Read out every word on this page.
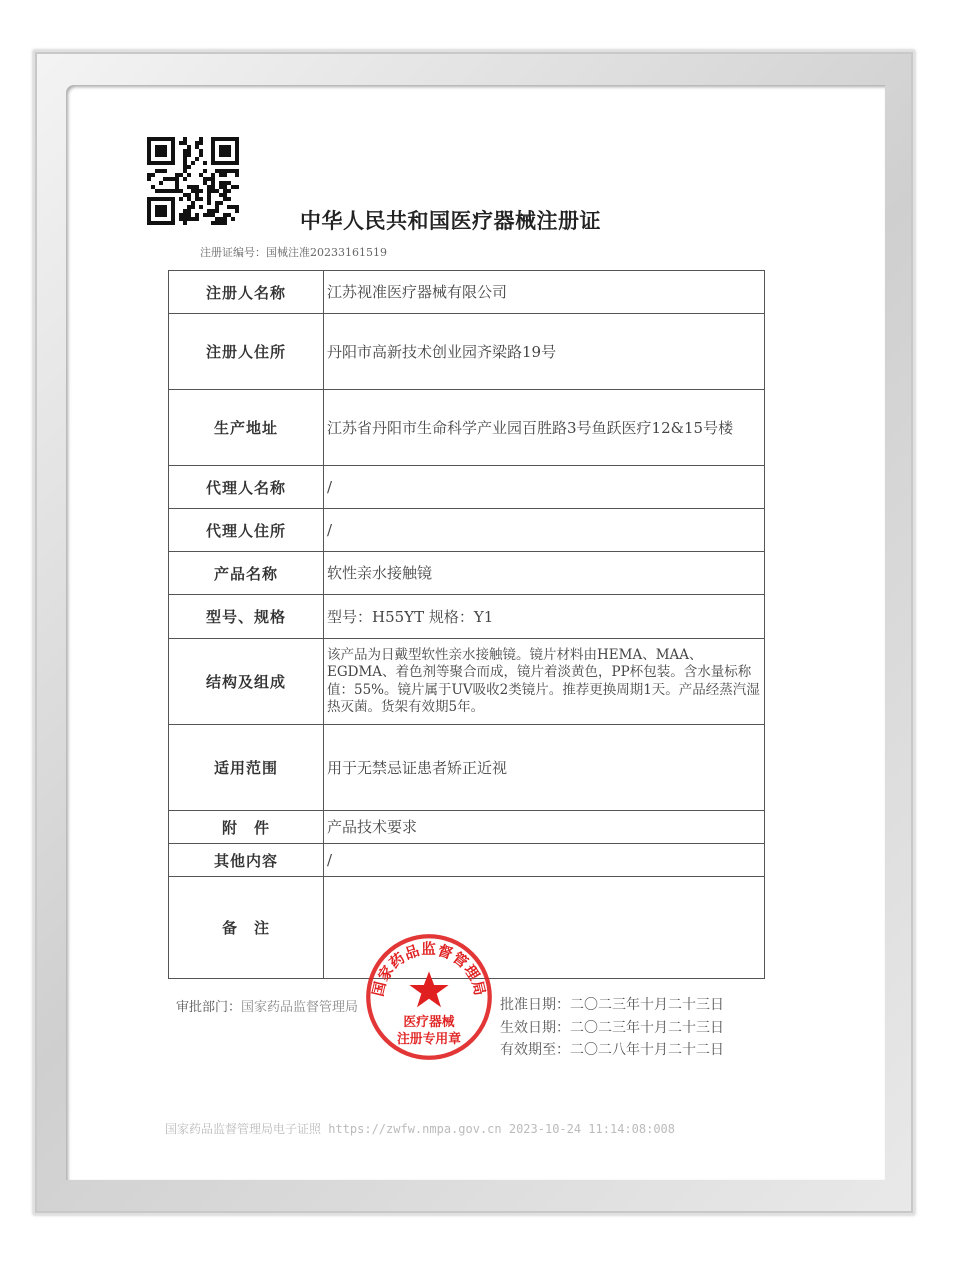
中华人民共和国医疗器械注册证
注册证编号：国械注准20233161519
注册人名称	江苏视准医疗器械有限公司
注册人住所	丹阳市高新技术创业园齐梁路19号
生产地址	江苏省丹阳市生命科学产业园百胜路3号鱼跃医疗12&15号楼
代理人名称	/
代理人住所	/
产品名称	软性亲水接触镜
型号、规格	型号：H55YT 规格：Y1
结构及组成	该产品为日戴型软性亲水接触镜。镜片材料由HEMA、MAA、EGDMA、着色剂等聚合而成，镜片着淡黄色，PP杯包装。含水量标称值：55%。镜片属于UV吸收2类镜片。推荐更换周期1天。产品经蒸汽湿热灭菌。货架有效期5年。
适用范围	用于无禁忌证患者矫正近视
附　件	产品技术要求
其他内容	/
备　注	
审批部门：国家药品监督管理局
国家药品监督管理局
医疗器械
注册专用章
批准日期：二〇二三年十月二十三日
生效日期：二〇二三年十月二十三日
有效期至：二〇二八年十月二十二日
国家药品监督管理局电子证照 https://zwfw.nmpa.gov.cn 2023-10-24 11:14:08:008
